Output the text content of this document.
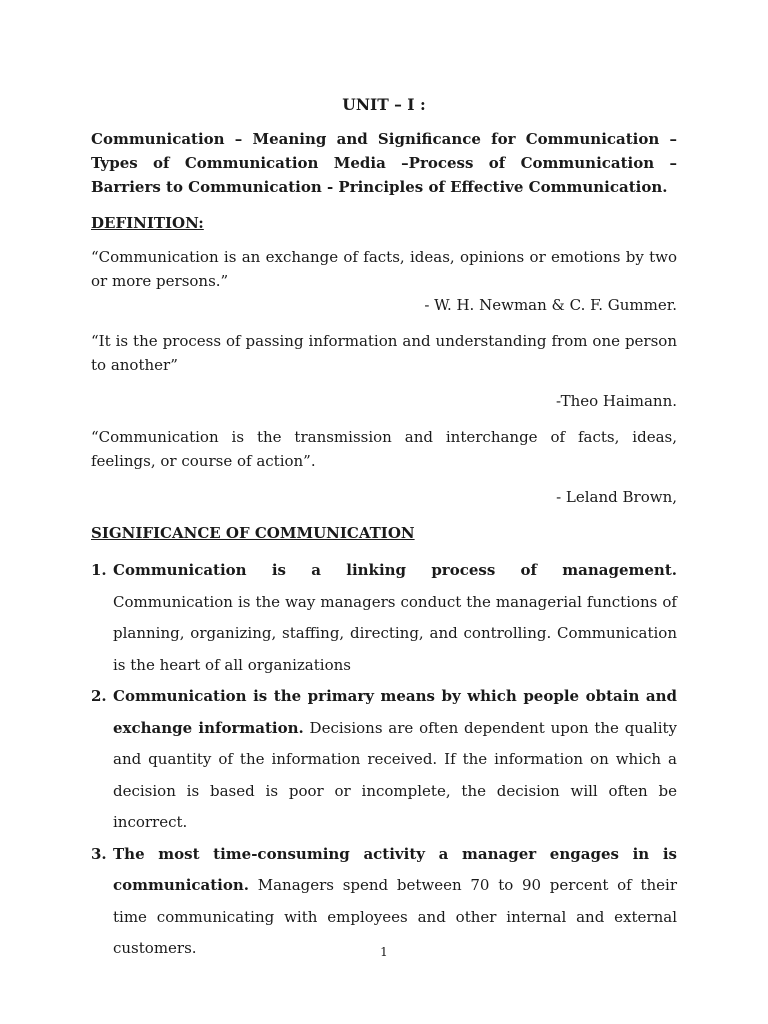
UNIT – I :

Communication – Meaning and Significance for Communication – Types of Communication Media –Process of Communication – Barriers to Communication - Principles of Effective Communication.

DEFINITION:

“Communication is an exchange of facts, ideas, opinions or emotions by two or more persons.”

- W. H. Newman & C. F. Gummer.

“It is the process of passing information and understanding from one person to another”

-Theo Haimann.

“Communication is the transmission and interchange of facts, ideas, feelings, or course of action”.

- Leland Brown,

SIGNIFICANCE OF COMMUNICATION
1. Communication is a linking process of management. Communication is the way managers conduct the managerial functions of planning, organizing, staffing, directing, and controlling. Communication is the heart of all organizations
2. Communication is the primary means by which people obtain and exchange information. Decisions are often dependent upon the quality and quantity of the information received. If the information on which a decision is based is poor or incomplete, the decision will often be incorrect.
3. The most time-consuming activity a manager engages in is communication. Managers spend between 70 to 90 percent of their time communicating with employees and other internal and external customers.	1
